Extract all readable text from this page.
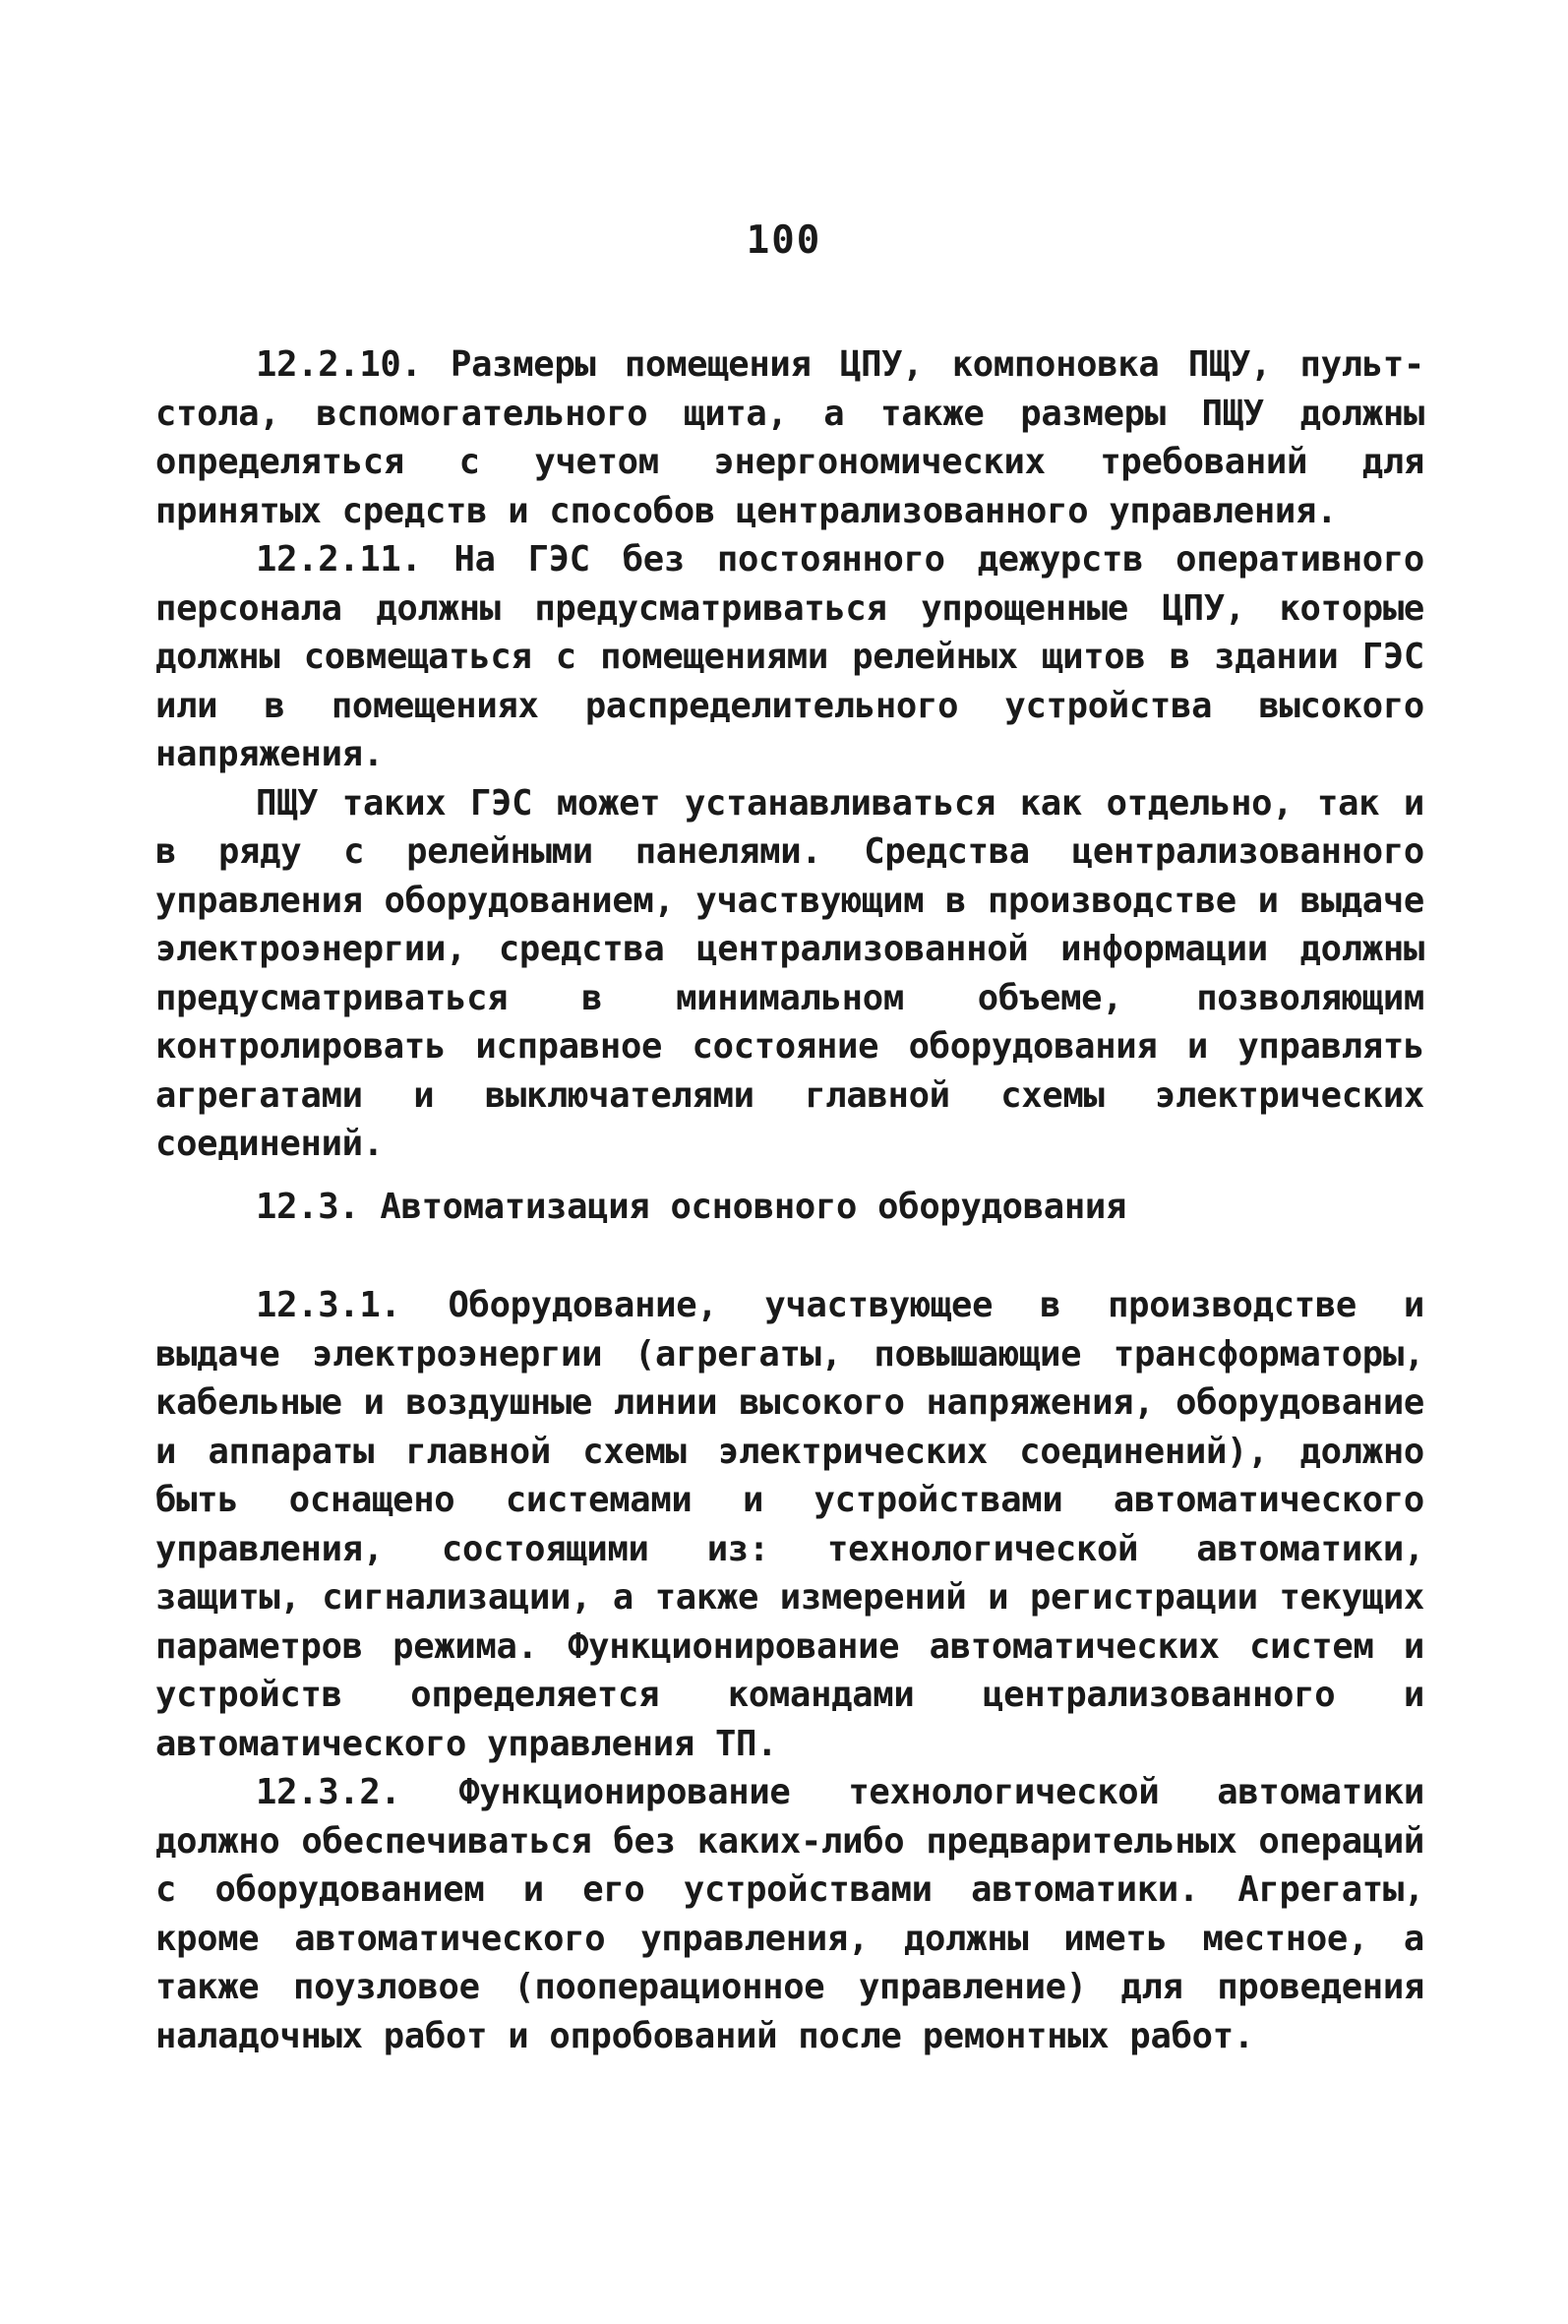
100

12.2.10. Размеры помещения ЦПУ, компоновка ПЩУ, пульт-стола, вспомогательного щита, а также размеры ПЩУ должны определяться с учетом энергономических требований для принятых средств и способов централизованного управления.

12.2.11. На ГЭС без постоянного дежурств оперативного персонала должны предусматриваться упрощенные ЦПУ, которые должны совмещаться с помещениями релейных щитов в здании ГЭС или в помещениях распределительного устройства высокого напряжения.

ПЩУ таких ГЭС может устанавливаться как отдельно, так и в ряду с релейными панелями. Средства централизованного управления оборудованием, участвующим в производстве и выдаче электроэнергии, средства централизованной информации должны предусматриваться в минимальном объеме, позволяющим контролировать исправное состояние оборудования и управлять агрегатами и выключателями главной схемы электрических соединений.

12.3. Автоматизация основного оборудования

12.3.1. Оборудование, участвующее в производстве и выдаче электроэнергии (агрегаты, повышающие трансформаторы, кабельные и воздушные линии высокого напряжения, оборудование и аппараты главной схемы электрических соединений), должно быть оснащено системами и устройствами автоматического управления, состоящими из: технологической автоматики, защиты, сигнализации, а также измерений и регистрации текущих параметров режима. Функционирование автоматических систем и устройств определяется командами централизованного и автоматического управления ТП.

12.3.2. Функционирование технологической автоматики должно обеспечиваться без каких-либо предварительных операций с оборудованием и его устройствами автоматики. Агрегаты, кроме автоматического управления, должны иметь местное, а также поузловое (пооперационное управление) для проведения наладочных работ и опробований после ремонтных работ.
